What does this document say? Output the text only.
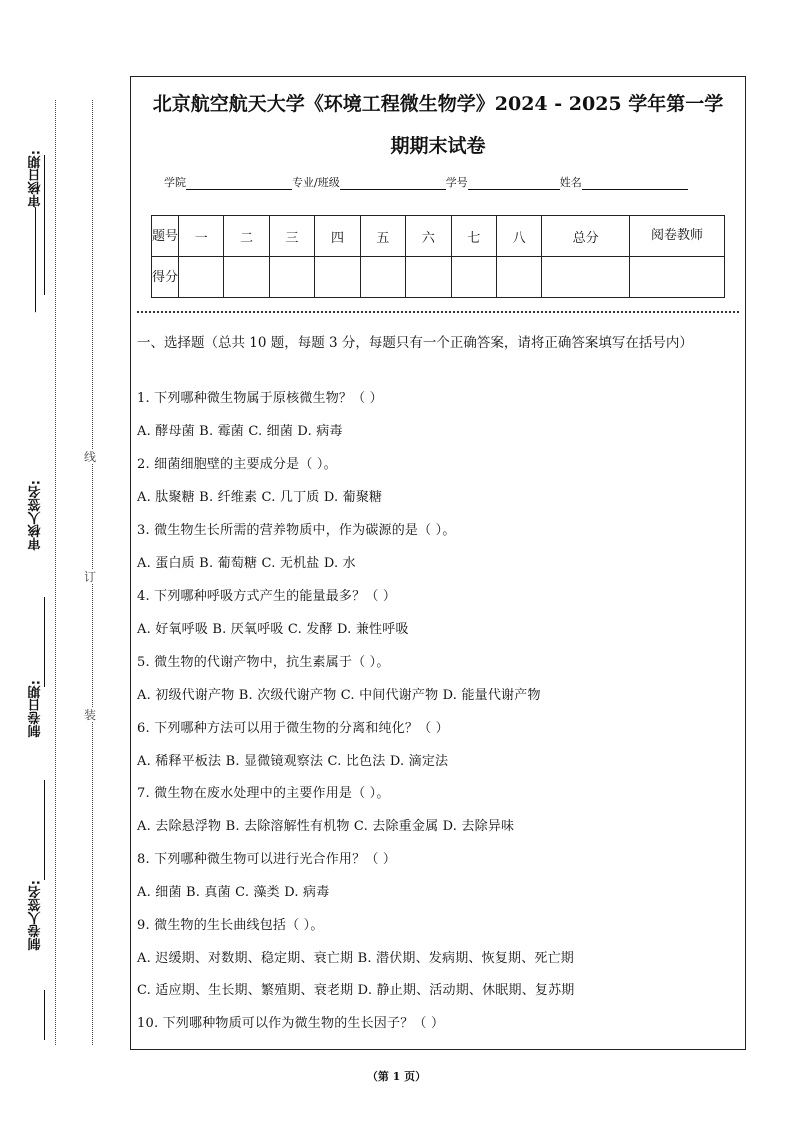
审核日期:
审核人签名:
制卷日期:
制卷人签名:
线
订
装
北京航空航天大学《环境工程微生物学》2024 - 2025 学年第一学
期期末试卷
学院	专业/班级	学号	姓名
题号	一	二	三	四	五	六	七	八	总分	阅卷教师
得分										
一、选择题（总共 10 题，每题 3 分，每题只有一个正确答案，请将正确答案填写在括号内）
1. 下列哪种微生物属于原核微生物？（ ）
A. 酵母菌 B. 霉菌 C. 细菌 D. 病毒
2. 细菌细胞壁的主要成分是（ ）。
A. 肽聚糖 B. 纤维素 C. 几丁质 D. 葡聚糖
3. 微生物生长所需的营养物质中，作为碳源的是（ ）。
A. 蛋白质 B. 葡萄糖 C. 无机盐 D. 水
4. 下列哪种呼吸方式产生的能量最多？（ ）
A. 好氧呼吸 B. 厌氧呼吸 C. 发酵 D. 兼性呼吸
5. 微生物的代谢产物中，抗生素属于（ ）。
A. 初级代谢产物 B. 次级代谢产物 C. 中间代谢产物 D. 能量代谢产物
6. 下列哪种方法可以用于微生物的分离和纯化？（ ）
A. 稀释平板法 B. 显微镜观察法 C. 比色法 D. 滴定法
7. 微生物在废水处理中的主要作用是（ ）。
A. 去除悬浮物 B. 去除溶解性有机物 C. 去除重金属 D. 去除异味
8. 下列哪种微生物可以进行光合作用？（ ）
A. 细菌 B. 真菌 C. 藻类 D. 病毒
9. 微生物的生长曲线包括（ ）。
A. 迟缓期、对数期、稳定期、衰亡期 B. 潜伏期、发病期、恢复期、死亡期
C. 适应期、生长期、繁殖期、衰老期 D. 静止期、活动期、休眠期、复苏期
10. 下列哪种物质可以作为微生物的生长因子？（ ）
（第 1 页）
